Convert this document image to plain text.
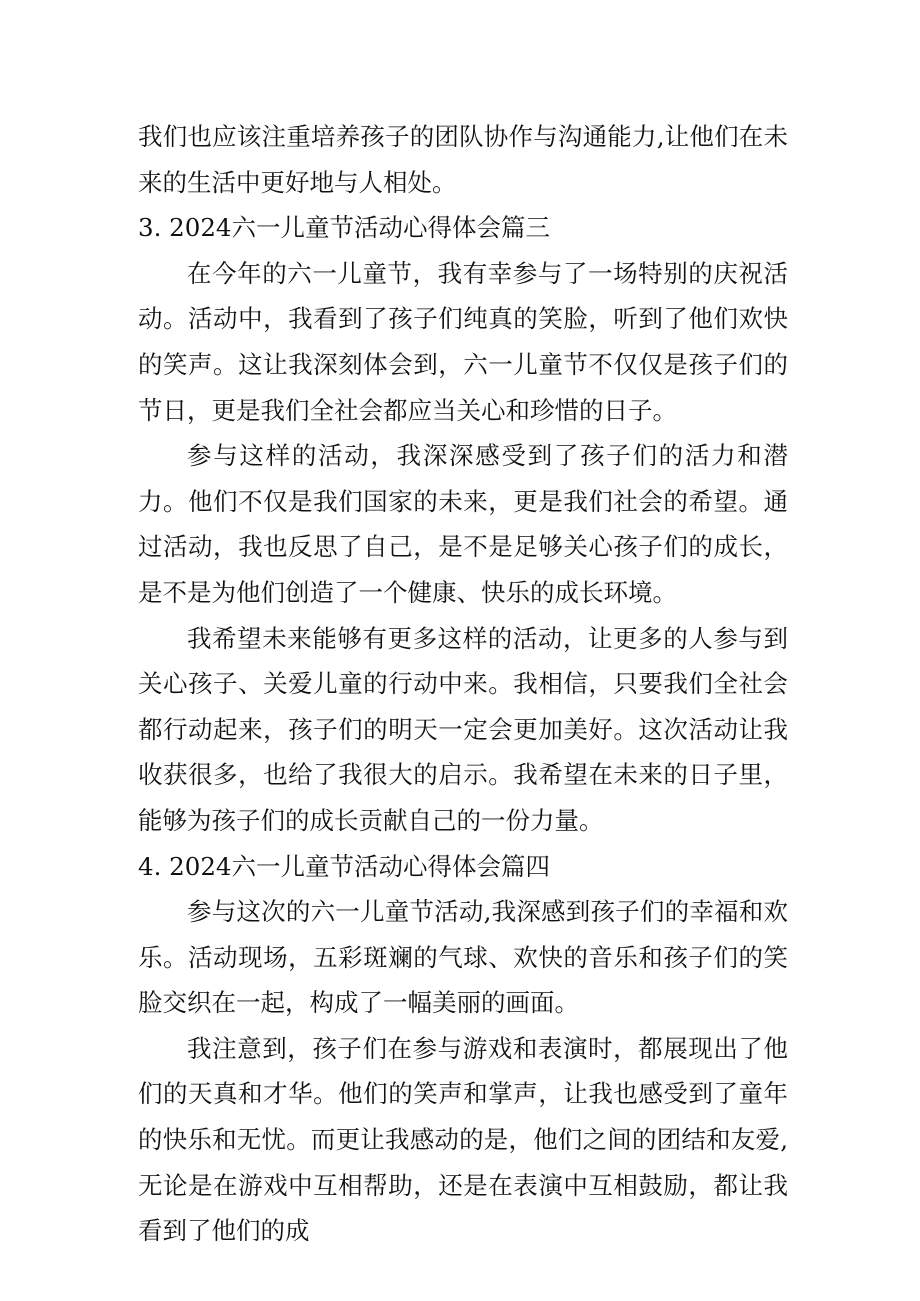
我们也应该注重培养孩子的团队协作与沟通能力,让他们在未来的生活中更好地与人相处。

3. 2024六一儿童节活动心得体会篇三

在今年的六一儿童节，我有幸参与了一场特别的庆祝活动。活动中，我看到了孩子们纯真的笑脸，听到了他们欢快的笑声。这让我深刻体会到，六一儿童节不仅仅是孩子们的节日，更是我们全社会都应当关心和珍惜的日子。

参与这样的活动，我深深感受到了孩子们的活力和潜力。他们不仅是我们国家的未来，更是我们社会的希望。通过活动，我也反思了自己，是不是足够关心孩子们的成长，是不是为他们创造了一个健康、快乐的成长环境。

我希望未来能够有更多这样的活动，让更多的人参与到关心孩子、关爱儿童的行动中来。我相信，只要我们全社会都行动起来，孩子们的明天一定会更加美好。这次活动让我收获很多，也给了我很大的启示。我希望在未来的日子里，能够为孩子们的成长贡献自己的一份力量。

4. 2024六一儿童节活动心得体会篇四

参与这次的六一儿童节活动,我深感到孩子们的幸福和欢乐。活动现场，五彩斑斓的气球、欢快的音乐和孩子们的笑脸交织在一起，构成了一幅美丽的画面。

我注意到，孩子们在参与游戏和表演时，都展现出了他们的天真和才华。他们的笑声和掌声，让我也感受到了童年的快乐和无忧。而更让我感动的是，他们之间的团结和友爱,无论是在游戏中互相帮助，还是在表演中互相鼓励，都让我看到了他们的成
